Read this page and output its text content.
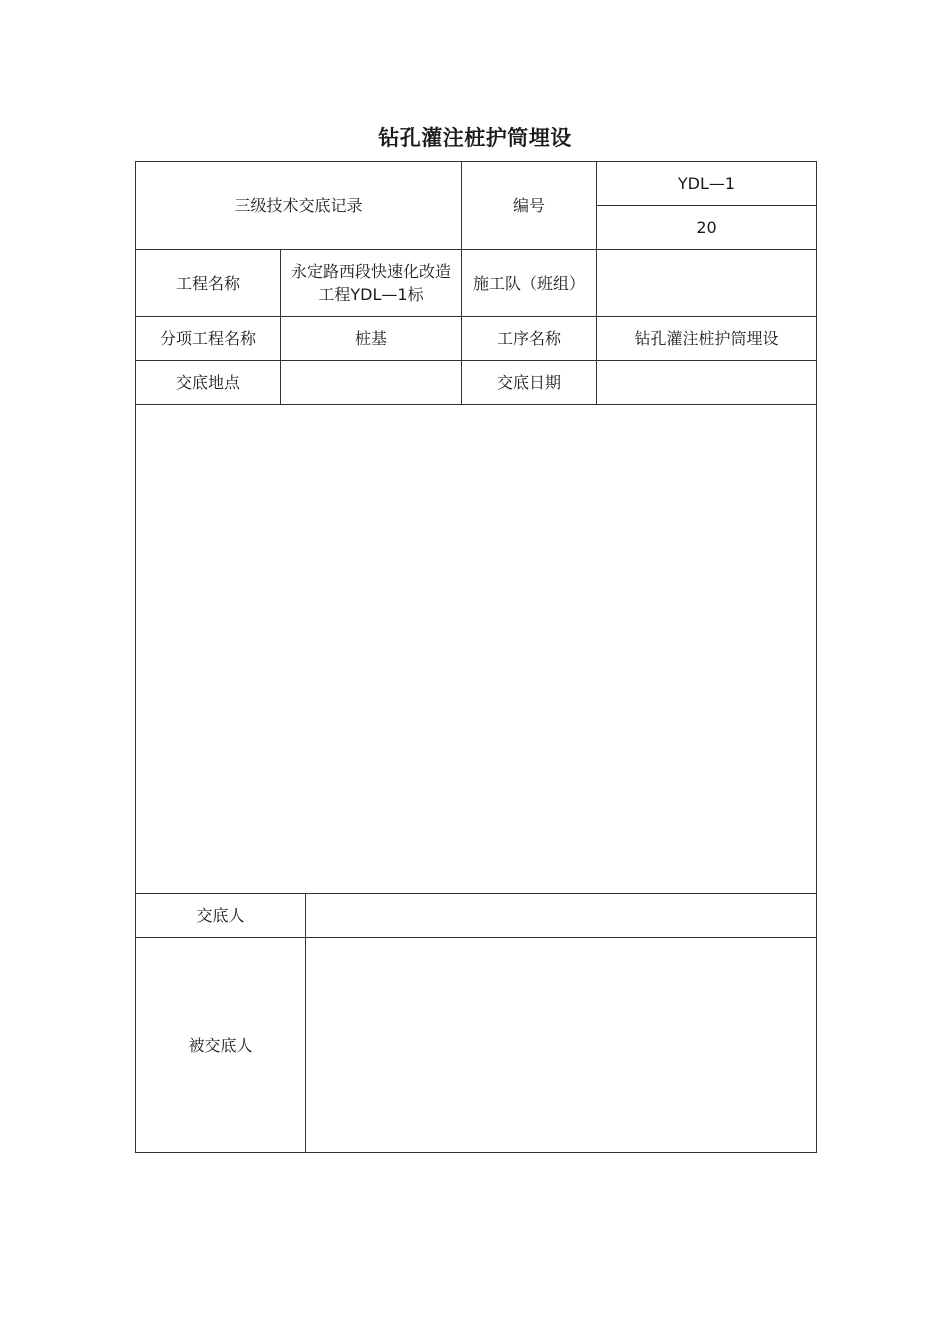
钻孔灌注桩护筒埋设
三级技术交底记录			编号	YDL—1
				20
工程名称	永定路西段快速化改造工程YDL—1标		施工队（班组）	
分项工程名称	桩基		工序名称	钻孔灌注桩护筒埋设
交底地点			交底日期	

交底人				
被交底人				
